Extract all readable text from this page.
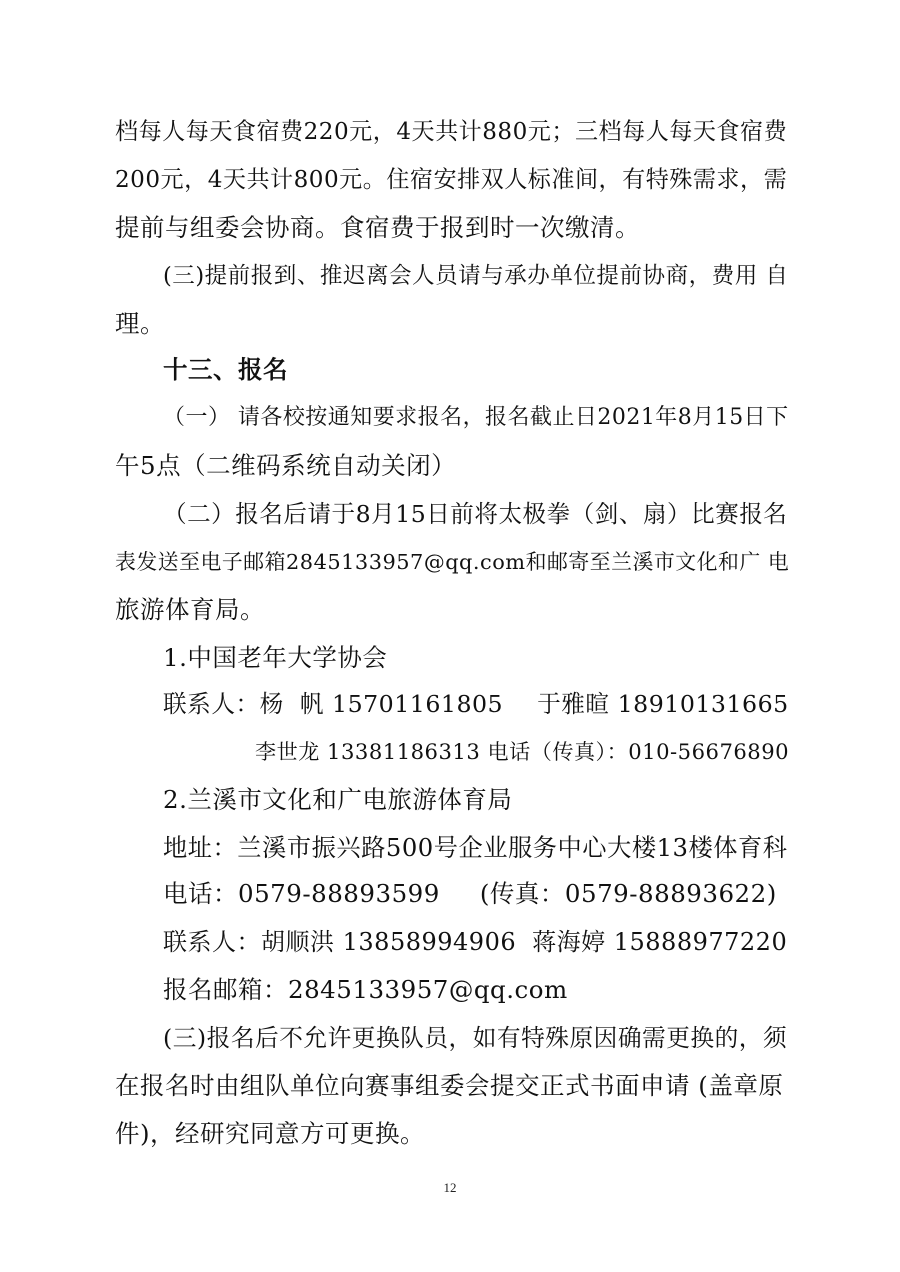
档每人每天食宿费220元，4天共计880元；三档每人每天食宿费
200元，4天共计800元。住宿安排双人标准间，有特殊需求，需
提前与组委会协商。食宿费于报到时一次缴清。
(三)提前报到、推迟离会人员请与承办单位提前协商，费用 自
理。
十三、报名
（一） 请各校按通知要求报名，报名截止日2021年8月15日下
午5点（二维码系统自动关闭）
（二）报名后请于8月15日前将太极拳（剑、扇）比赛报名
表发送至电子邮箱2845133957@qq.com和邮寄至兰溪市文化和广 电
旅游体育局。
1.中国老年大学协会
联系人：杨  帆 15701161805 于雅暄 18910131665
李世龙 13381186313 电话（传真）：010-56676890
2.兰溪市文化和广电旅游体育局
地址：兰溪市振兴路500号企业服务中心大楼13楼体育科
电话：0579-88893599 (传真：0579-88893622)
联系人：胡顺洪 13858994906 蒋海婷 15888977220
报名邮箱：2845133957@qq.com
(三)报名后不允许更换队员，如有特殊原因确需更换的，须
在报名时由组队单位向赛事组委会提交正式书面申请 (盖章原
件)，经研究同意方可更换。
12
